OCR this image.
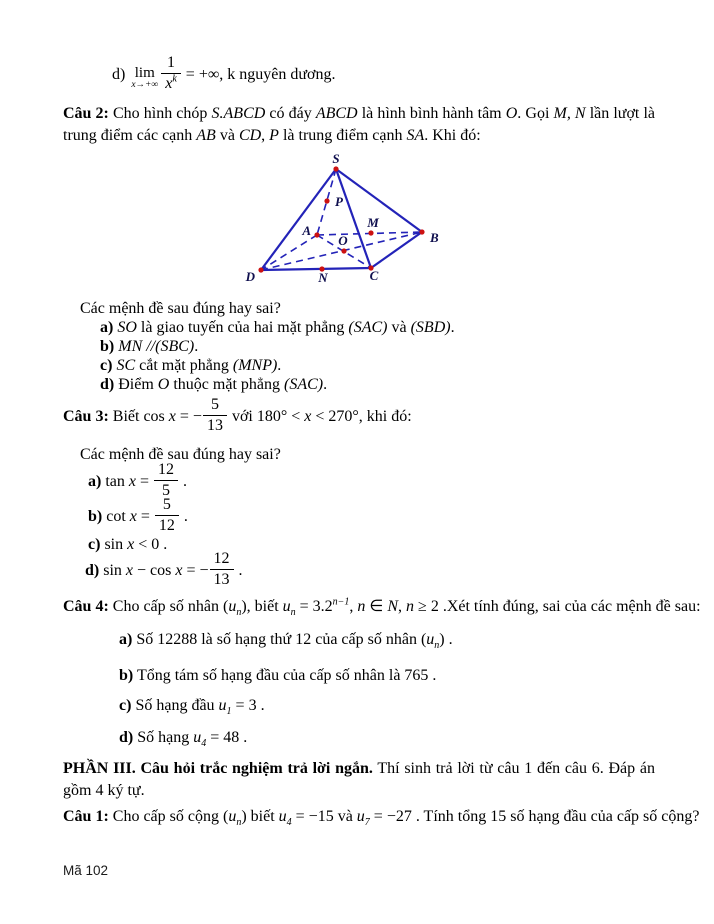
d) lim
$x\to+\infty \frac{1}{x^k}$ = +∞, k nguyên dương.
Câu 2: Cho hình chóp S.ABCD có đáy ABCD là hình bình hành tâm O. Gọi M, N lần lượt là trung điểm các cạnh AB và CD, P là trung điểm cạnh SA. Khi đó:
S
P
A
M
B
O
D	N	C
Các mệnh đề sau đúng hay sai?
a) SO là giao tuyến của hai mặt phẳng (SAC) và (SBD).
b) MN //(SBC).
c) SC cắt mặt phẳng (MNP).
d) Điểm O thuộc mặt phẳng (SAC).
Câu 3: Biết cos x = − $\frac{5}{13}$ với 180° < x < 270°, khi đó:
Các mệnh đề sau đúng hay sai?
a) $\tan x = \frac{12}{5}$ .
b) $\cot x = \frac{5}{12}$ .
c) sin x < 0 .
d) sin x − cos x = − $\frac{12}{13}$ .
Câu 4: Cho cấp số nhân $(u_n)$, biết $u_n = 3.2^{n-1}$, n ∈ N, n ≥ 2 .Xét tính đúng, sai của các mệnh đề sau:
a) Số 12288 là số hạng thứ 12 của cấp số nhân $(u_n)$ .
b) Tổng tám số hạng đầu của cấp số nhân là 765 .
c) Số hạng đầu $u_1 = 3$ .
d) Số hạng $u_4 = 48$ .
PHẦN III. Câu hỏi trắc nghiệm trả lời ngắn. Thí sinh trả lời từ câu 1 đến câu 6. Đáp án gồm 4 ký tự.
Câu 1: Cho cấp số cộng $(u_n)$ biết $u_4 = -15$ và $u_7 = -27$ . Tính tổng 15 số hạng đầu của cấp số cộng?
Mã 102
